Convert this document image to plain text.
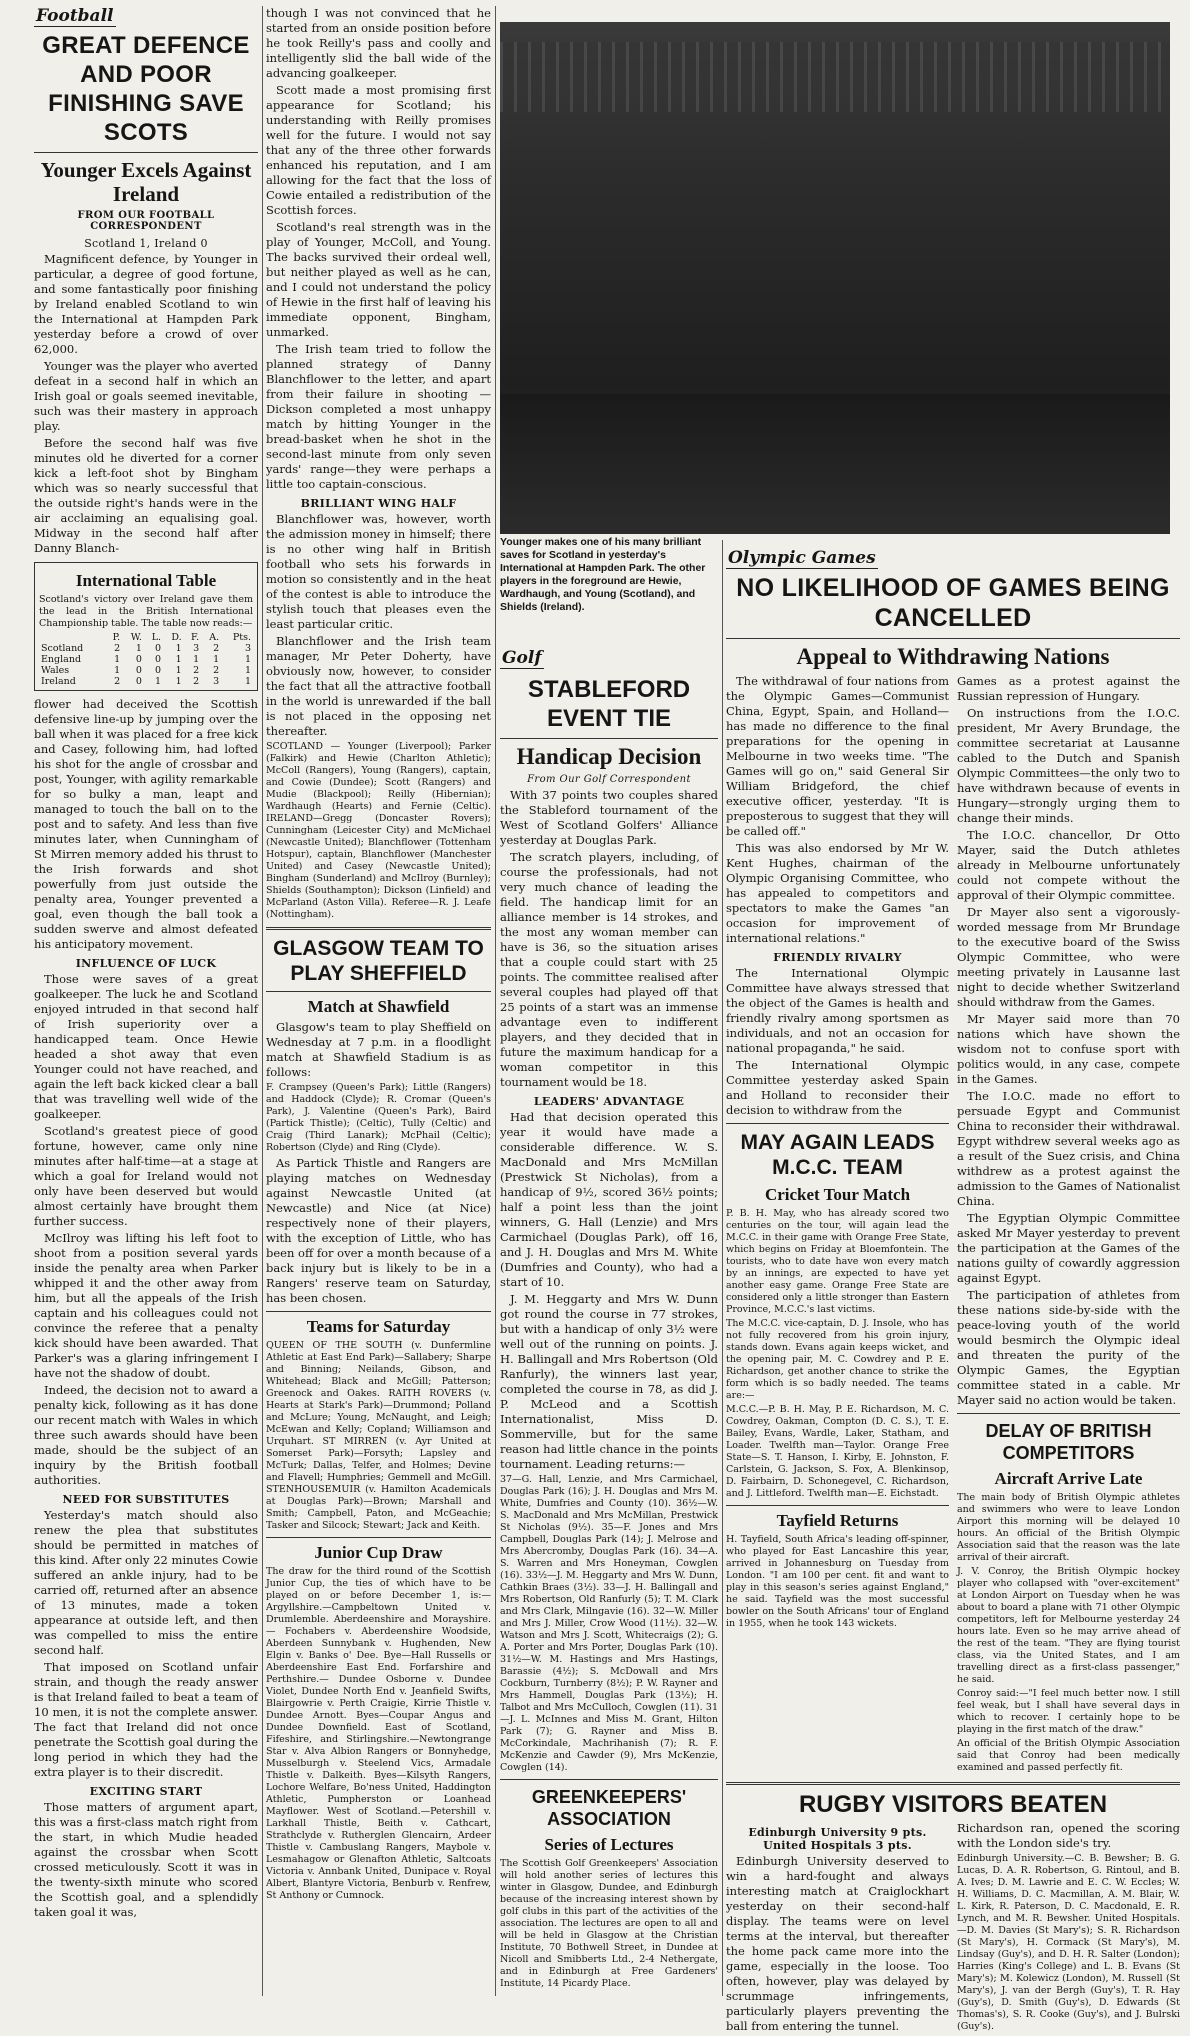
Football
GREAT DEFENCE AND POOR FINISHING SAVE SCOTS
Younger Excels Against Ireland
FROM OUR FOOTBALL CORRESPONDENT
Scotland 1, Ireland 0

Magnificent defence, by Younger in particular, a degree of good fortune, and some fantastically poor finishing by Ireland enabled Scotland to win the International at Hampden Park yesterday before a crowd of over 62,000.

Younger was the player who averted defeat in a second half in which an Irish goal or goals seemed inevitable, such was their mastery in approach play.

Before the second half was five minutes old he diverted for a corner kick a left-foot shot by Bingham which was so nearly successful that the outside right's hands were in the air acclaiming an equalising goal. Midway in the second half after Danny Blanch-

International Table

Scotland's victory over Ireland gave them the lead in the British International Championship table. The table now reads:—

	P.	W.	L.	D.	F.	A.	Pts.
Scotland	2	1	0	1	3	2	3
England	1	0	0	1	1	1	1
Wales	1	0	0	1	2	2	1
Ireland	2	0	1	1	2	3	1

flower had deceived the Scottish defensive line-up by jumping over the ball when it was placed for a free kick and Casey, following him, had lofted his shot for the angle of crossbar and post, Younger, with agility remarkable for so bulky a man, leapt and managed to touch the ball on to the post and to safety. And less than five minutes later, when Cunningham of St Mirren memory added his thrust to the Irish forwards and shot powerfully from just outside the penalty area, Younger prevented a goal, even though the ball took a sudden swerve and almost defeated his anticipatory movement.

INFLUENCE OF LUCK

Those were saves of a great goalkeeper. The luck he and Scotland enjoyed intruded in that second half of Irish superiority over a handicapped team. Once Hewie headed a shot away that even Younger could not have reached, and again the left back kicked clear a ball that was travelling well wide of the goalkeeper.

Scotland's greatest piece of good fortune, however, came only nine minutes after half-time—at a stage at which a goal for Ireland would not only have been deserved but would almost certainly have brought them further success.

McIlroy was lifting his left foot to shoot from a position several yards inside the penalty area when Parker whipped it and the other away from him, but all the appeals of the Irish captain and his colleagues could not convince the referee that a penalty kick should have been awarded. That Parker's was a glaring infringement I have not the shadow of doubt.

Indeed, the decision not to award a penalty kick, following as it has done our recent match with Wales in which three such awards should have been made, should be the subject of an inquiry by the British football authorities.

NEED FOR SUBSTITUTES

Yesterday's match should also renew the plea that substitutes should be permitted in matches of this kind. After only 22 minutes Cowie suffered an ankle injury, had to be carried off, returned after an absence of 13 minutes, made a token appearance at outside left, and then was compelled to miss the entire second half.

That imposed on Scotland unfair strain, and though the ready answer is that Ireland failed to beat a team of 10 men, it is not the complete answer. The fact that Ireland did not once penetrate the Scottish goal during the long period in which they had the extra player is to their discredit.

EXCITING START

Those matters of argument apart, this was a first-class match right from the start, in which Mudie headed against the crossbar when Scott crossed meticulously. Scott it was in the twenty-sixth minute who scored the Scottish goal, and a splendidly taken goal it was,

though I was not convinced that he started from an onside position before he took Reilly's pass and coolly and intelligently slid the ball wide of the advancing goalkeeper.

Scott made a most promising first appearance for Scotland; his understanding with Reilly promises well for the future. I would not say that any of the three other forwards enhanced his reputation, and I am allowing for the fact that the loss of Cowie entailed a redistribution of the Scottish forces.

Scotland's real strength was in the play of Younger, McColl, and Young. The backs survived their ordeal well, but neither played as well as he can, and I could not understand the policy of Hewie in the first half of leaving his immediate opponent, Bingham, unmarked.

The Irish team tried to follow the planned strategy of Danny Blanchflower to the letter, and apart from their failure in shooting —Dickson completed a most unhappy match by hitting Younger in the bread-basket when he shot in the second-last minute from only seven yards' range—they were perhaps a little too captain-conscious.

BRILLIANT WING HALF

Blanchflower was, however, worth the admission money in himself; there is no other wing half in British football who sets his forwards in motion so consistently and in the heat of the contest is able to introduce the stylish touch that pleases even the least particular critic.

Blanchflower and the Irish team manager, Mr Peter Doherty, have obviously now, however, to consider the fact that all the attractive football in the world is unrewarded if the ball is not placed in the opposing net thereafter.

SCOTLAND — Younger (Liverpool); Parker (Falkirk) and Hewie (Charlton Athletic); McColl (Rangers), Young (Rangers), captain, and Cowie (Dundee); Scott (Rangers) and Mudie (Blackpool); Reilly (Hibernian); Wardhaugh (Hearts) and Fernie (Celtic). IRELAND—Gregg (Doncaster Rovers); Cunningham (Leicester City) and McMichael (Newcastle United); Blanchflower (Tottenham Hotspur), captain, Blanchflower (Manchester United) and Casey (Newcastle United); Bingham (Sunderland) and McIlroy (Burnley); Shields (Southampton); Dickson (Linfield) and McParland (Aston Villa). Referee—R. J. Leafe (Nottingham).

GLASGOW TEAM TO PLAY SHEFFIELD
Match at Shawfield

Glasgow's team to play Sheffield on Wednesday at 7 p.m. in a floodlight match at Shawfield Stadium is as follows:

F. Crampsey (Queen's Park); Little (Rangers) and Haddock (Clyde); R. Cromar (Queen's Park), J. Valentine (Queen's Park), Baird (Partick Thistle); (Celtic), Tully (Celtic) and Craig (Third Lanark); McPhail (Celtic); Robertson (Clyde) and Ring (Clyde).

As Partick Thistle and Rangers are playing matches on Wednesday against Newcastle United (at Newcastle) and Nice (at Nice) respectively none of their players, with the exception of Little, who has been off for over a month because of a back injury but is likely to be in a Rangers' reserve team on Saturday, has been chosen.

Teams for Saturday

QUEEN OF THE SOUTH (v. Dunfermline Athletic at East End Park)—Sallabery; Sharpe and Binning; Neilands, Gibson, and Whitehead; Black and McGill; Patterson; Greenock and Oakes. RAITH ROVERS (v. Hearts at Stark's Park)—Drummond; Polland and McLure; Young, McNaught, and Leigh; McEwan and Kelly; Copland; Williamson and Urquhart. ST MIRREN (v. Ayr United at Somerset Park)—Forsyth; Lapsley and McTurk; Dallas, Telfer, and Holmes; Devine and Flavell; Humphries; Gemmell and McGill. STENHOUSEMUIR (v. Hamilton Academicals at Douglas Park)—Brown; Marshall and Smith; Campbell, Paton, and McGeachie; Tasker and Silcock; Stewart; Jack and Keith.

Junior Cup Draw

The draw for the third round of the Scottish Junior Cup, the ties of which have to be played on or before December 1, is:— Argyllshire.—Campbeltown United v. Drumlemble. Aberdeenshire and Morayshire.— Fochabers v. Aberdeenshire Woodside, Aberdeen Sunnybank v. Hughenden, New Elgin v. Banks o' Dee. Bye—Hall Russells or Aberdeenshire East End. Forfarshire and Perthshire.— Dundee Osborne v. Dundee Violet, Dundee North End v. Jeanfield Swifts, Blairgowrie v. Perth Craigie, Kirrie Thistle v. Dundee Arnott. Byes—Coupar Angus and Dundee Downfield. East of Scotland, Fifeshire, and Stirlingshire.—Newtongrange Star v. Alva Albion Rangers or Bonnyhedge, Musselburgh v. Steelend Vics, Armadale Thistle v. Dalkeith. Byes—Kilsyth Rangers, Lochore Welfare, Bo'ness United, Haddington Athletic, Pumpherston or Loanhead Mayflower. West of Scotland.—Petershill v. Larkhall Thistle, Beith v. Cathcart, Strathclyde v. Rutherglen Glencairn, Ardeer Thistle v. Cambuslang Rangers, Maybole v. Lesmahagow or Glenafton Athletic, Saltcoats Victoria v. Annbank United, Dunipace v. Royal Albert, Blantyre Victoria, Benburb v. Renfrew, St Anthony or Cumnock.

Younger makes one of his many brilliant saves for Scotland in yesterday's International at Hampden Park. The other players in the foreground are Hewie, Wardhaugh, and Young (Scotland), and Shields (Ireland).
Golf
STABLEFORD EVENT TIE
Handicap Decision
From Our Golf Correspondent

With 37 points two couples shared the Stableford tournament of the West of Scotland Golfers' Alliance yesterday at Douglas Park.

The scratch players, including, of course the professionals, had not very much chance of leading the field. The handicap limit for an alliance member is 14 strokes, and the most any woman member can have is 36, so the situation arises that a couple could start with 25 points. The committee realised after several couples had played off that 25 points of a start was an immense advantage even to indifferent players, and they decided that in future the maximum handicap for a woman competitor in this tournament would be 18.

LEADERS' ADVANTAGE

Had that decision operated this year it would have made a considerable difference. W. S. MacDonald and Mrs McMillan (Prestwick St Nicholas), from a handicap of 9½, scored 36½ points; half a point less than the joint winners, G. Hall (Lenzie) and Mrs Carmichael (Douglas Park), off 16, and J. H. Douglas and Mrs M. White (Dumfries and County), who had a start of 10.

J. M. Heggarty and Mrs W. Dunn got round the course in 77 strokes, but with a handicap of only 3½ were well out of the running on points. J. H. Ballingall and Mrs Robertson (Old Ranfurly), the winners last year, completed the course in 78, as did J. P. McLeod and a Scottish Internationalist, Miss D. Sommerville, but for the same reason had little chance in the points tournament. Leading returns:—

37—G. Hall, Lenzie, and Mrs Carmichael, Douglas Park (16); J. H. Douglas and Mrs M. White, Dumfries and County (10). 36½—W. S. MacDonald and Mrs McMillan, Prestwick St Nicholas (9½). 35—F. Jones and Mrs Campbell, Douglas Park (14); J. Melrose and Mrs Abercromby, Douglas Park (16). 34—A. S. Warren and Mrs Honeyman, Cowglen (16). 33½—J. M. Heggarty and Mrs W. Dunn, Cathkin Braes (3½). 33—J. H. Ballingall and Mrs Robertson, Old Ranfurly (5); T. M. Clark and Mrs Clark, Milngavie (16). 32—W. Miller and Mrs J. Miller, Crow Wood (11½). 32—W. Watson and Mrs J. Scott, Whitecraigs (2); G. A. Porter and Mrs Porter, Douglas Park (10). 31½—W. M. Hastings and Mrs Hastings, Barassie (4½); S. McDowall and Mrs Cockburn, Turnberry (8½); P. W. Rayner and Mrs Hammell, Douglas Park (13½); H. Talbot and Mrs McCulloch, Cowglen (11). 31—J. L. McInnes and Miss M. Grant, Hilton Park (7); G. Rayner and Miss B. McCorkindale, Machrihanish (7); R. F. McKenzie and Cawder (9), Mrs McKenzie, Cowglen (14).

GREENKEEPERS' ASSOCIATION
Series of Lectures

The Scottish Golf Greenkeepers' Association will hold another series of lectures this winter in Glasgow, Dundee, and Edinburgh because of the increasing interest shown by golf clubs in this part of the activities of the association. The lectures are open to all and will be held in Glasgow at the Christian Institute, 70 Bothwell Street, in Dundee at Nicoll and Smibberts Ltd., 2-4 Nethergate, and in Edinburgh at Free Gardeners' Institute, 14 Picardy Place.

Olympic Games
NO LIKELIHOOD OF GAMES BEING CANCELLED
Appeal to Withdrawing Nations

The withdrawal of four nations from the Olympic Games—Communist China, Egypt, Spain, and Holland—has made no difference to the final preparations for the opening in Melbourne in two weeks time. "The Games will go on," said General Sir William Bridgeford, the chief executive officer, yesterday. "It is preposterous to suggest that they will be called off."

This was also endorsed by Mr W. Kent Hughes, chairman of the Olympic Organising Committee, who has appealed to competitors and spectators to make the Games "an occasion for improvement of international relations."

FRIENDLY RIVALRY

The International Olympic Committee have always stressed that the object of the Games is health and friendly rivalry among sportsmen as individuals, and not an occasion for national propaganda," he said.

The International Olympic Committee yesterday asked Spain and Holland to reconsider their decision to withdraw from the

MAY AGAIN LEADS M.C.C. TEAM
Cricket Tour Match

P. B. H. May, who has already scored two centuries on the tour, will again lead the M.C.C. in their game with Orange Free State, which begins on Friday at Bloemfontein. The tourists, who to date have won every match by an innings, are expected to have yet another easy game. Orange Free State are considered only a little stronger than Eastern Province, M.C.C.'s last victims.

The M.C.C. vice-captain, D. J. Insole, who has not fully recovered from his groin injury, stands down. Evans again keeps wicket, and the opening pair, M. C. Cowdrey and P. E. Richardson, get another chance to strike the form which is so badly needed. The teams are:—

M.C.C.—P. B. H. May, P. E. Richardson, M. C. Cowdrey, Oakman, Compton (D. C. S.), T. E. Bailey, Evans, Wardle, Laker, Statham, and Loader. Twelfth man—Taylor. Orange Free State—S. T. Hanson, I. Kirby, E. Johnston, F. Carlstein, G. Jackson, S. Fox, A. Blenkinsop, D. Fairbairn, D. Schonegevel, C. Richardson, and J. Littleford. Twelfth man—E. Eichstadt.

Tayfield Returns

H. Tayfield, South Africa's leading off-spinner, who played for East Lancashire this year, arrived in Johannesburg on Tuesday from London. "I am 100 per cent. fit and want to play in this season's series against England," he said. Tayfield was the most successful bowler on the South Africans' tour of England in 1955, when he took 143 wickets.

Games as a protest against the Russian repression of Hungary.

On instructions from the I.O.C. president, Mr Avery Brundage, the committee secretariat at Lausanne cabled to the Dutch and Spanish Olympic Committees—the only two to have withdrawn because of events in Hungary—strongly urging them to change their minds.

The I.O.C. chancellor, Dr Otto Mayer, said the Dutch athletes already in Melbourne unfortunately could not compete without the approval of their Olympic committee.

Dr Mayer also sent a vigorously-worded message from Mr Brundage to the executive board of the Swiss Olympic Committee, who were meeting privately in Lausanne last night to decide whether Switzerland should withdraw from the Games.

Mr Mayer said more than 70 nations which have shown the wisdom not to confuse sport with politics would, in any case, compete in the Games.

The I.O.C. made no effort to persuade Egypt and Communist China to reconsider their withdrawal. Egypt withdrew several weeks ago as a result of the Suez crisis, and China withdrew as a protest against the admission to the Games of Nationalist China.

The Egyptian Olympic Committee asked Mr Mayer yesterday to prevent the participation at the Games of the nations guilty of cowardly aggression against Egypt.

The participation of athletes from these nations side-by-side with the peace-loving youth of the world would besmirch the Olympic ideal and threaten the purity of the Olympic Games, the Egyptian committee stated in a cable. Mr Mayer said no action would be taken.

DELAY OF BRITISH COMPETITORS
Aircraft Arrive Late

The main body of British Olympic athletes and swimmers who were to leave London Airport this morning will be delayed 10 hours. An official of the British Olympic Association said that the reason was the late arrival of their aircraft.

J. V. Conroy, the British Olympic hockey player who collapsed with "over-excitement" at London Airport on Tuesday when he was about to board a plane with 71 other Olympic competitors, left for Melbourne yesterday 24 hours late. Even so he may arrive ahead of the rest of the team. "They are flying tourist class, via the United States, and I am travelling direct as a first-class passenger," he said.

Conroy said:—"I feel much better now. I still feel weak, but I shall have several days in which to recover. I certainly hope to be playing in the first match of the draw."

An official of the British Olympic Association said that Conroy had been medically examined and passed perfectly fit.

RUGBY VISITORS BEATEN
Edinburgh University 9 pts. United Hospitals 3 pts.

Edinburgh University deserved to win a hard-fought and always interesting match at Craiglockhart yesterday on their second-half display. The teams were on level terms at the interval, but thereafter the home pack came more into the game, especially in the loose. Too often, however, play was delayed by scrummage infringements, particularly players preventing the ball from entering the tunnel.

Richardson ran, opened the scoring with the London side's try.

Edinburgh University.—C. B. Bewsher; B. G. Lucas, D. A. R. Robertson, G. Rintoul, and B. A. Ives; D. M. Lawrie and E. C. W. Eccles; W. H. Williams, D. C. Macmillan, A. M. Blair, W. L. Kirk, R. Paterson, D. C. Macdonald, E. R. Lynch, and M. R. Bewsher. United Hospitals.—D. M. Davies (St Mary's); S. R. Richardson (St Mary's), H. Cormack (St Mary's), M. Lindsay (Guy's), and D. H. R. Salter (London); Harries (King's College) and L. B. Evans (St Mary's); M. Kolewicz (London), M. Russell (St Mary's), J. van der Bergh (Guy's), T. R. Hay (Guy's), D. Smith (Guy's), D. Edwards (St Thomas's), S. R. Cooke (Guy's), and J. Bulrski (Guy's).
